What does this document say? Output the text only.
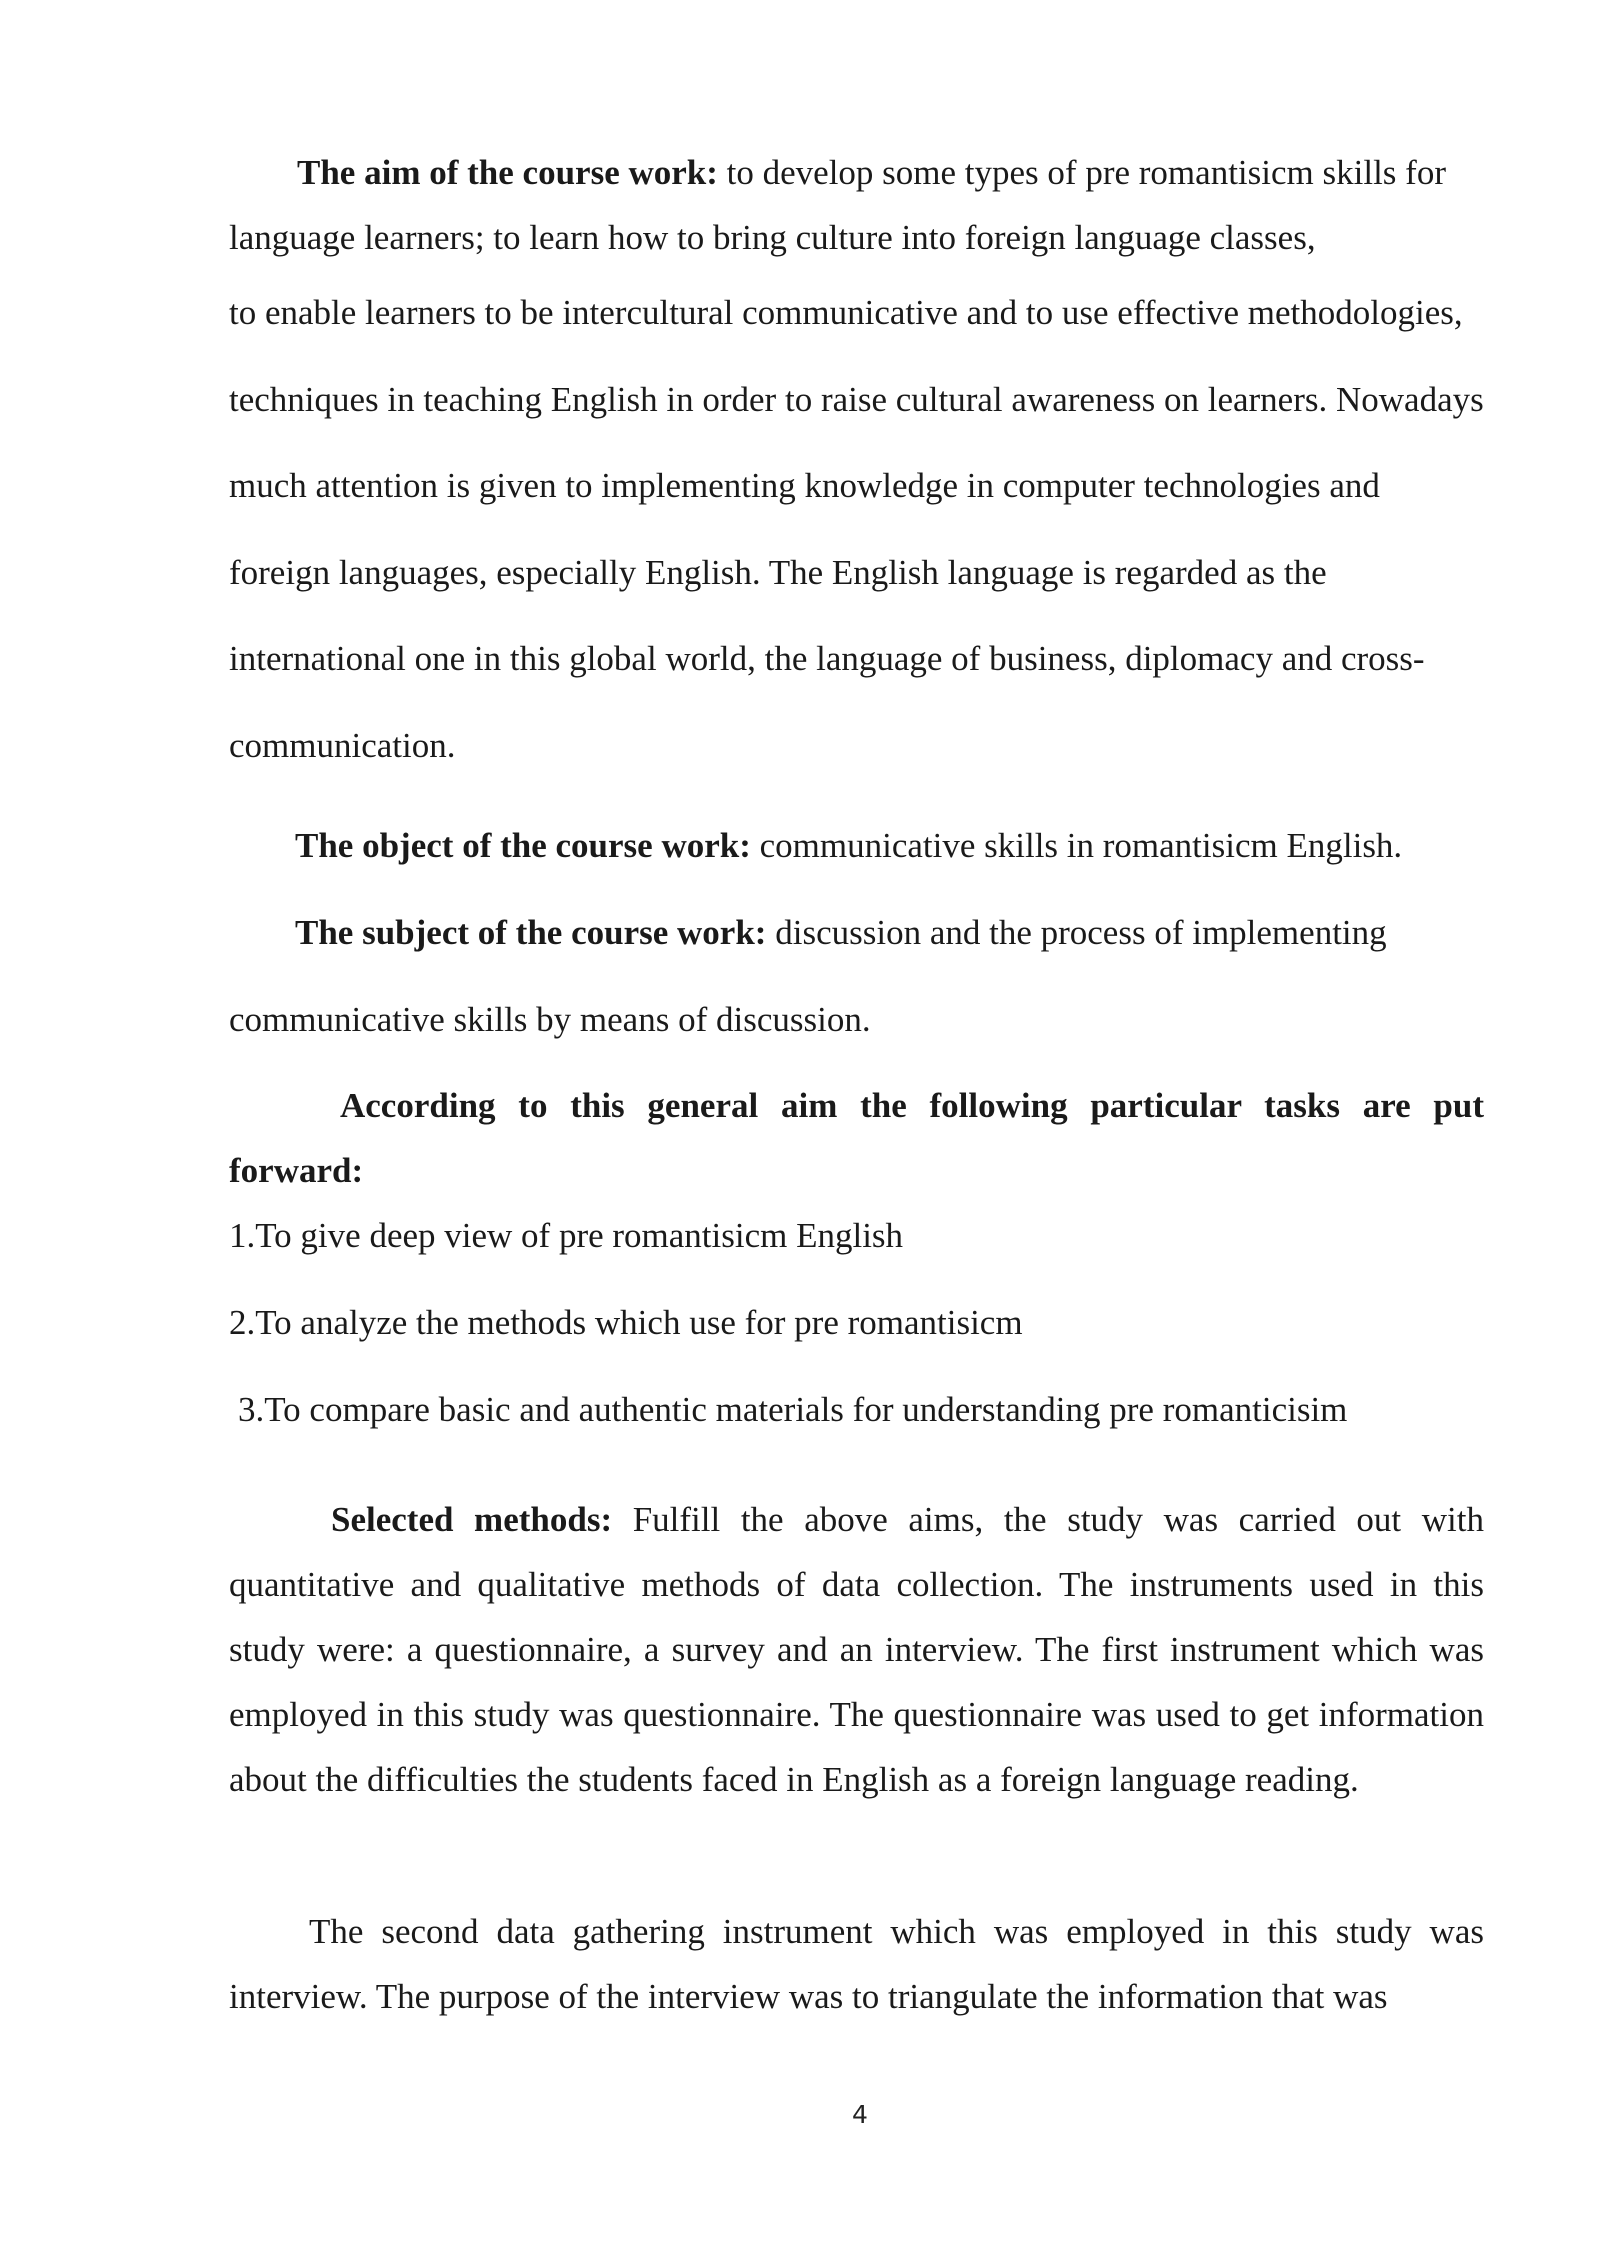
The aim of the course work: to develop some types of pre romantisicm skills for language learners; to learn how to bring culture into foreign language classes,
to enable learners to be intercultural communicative and to use effective methodologies, techniques in teaching English in order to raise cultural awareness on learners. Nowadays much attention is given to implementing knowledge in computer technologies and foreign languages, especially English. The English language is regarded as the international one in this global world, the language of business, diplomacy and cross-communication.

The object of the course work: communicative skills in romantisicm English.

The subject of the course work: discussion and the process of implementing communicative skills by means of discussion.

According to this general aim the following particular tasks are put forward:

1.To give deep view of pre romantisicm English

2.To analyze the methods which use for pre romantisicm

3.To compare basic and authentic materials for understanding pre romanticisim

Selected methods: Fulfill the above aims, the study was carried out with quantitative and qualitative methods of data collection. The instruments used in this study were: a questionnaire, a survey and an interview. The first instrument which was employed in this study was questionnaire. The questionnaire was used to get information about the difficulties the students faced in English as a foreign language reading.

The second data gathering instrument which was employed in this study was interview. The purpose of the interview was to triangulate the information that was

4
